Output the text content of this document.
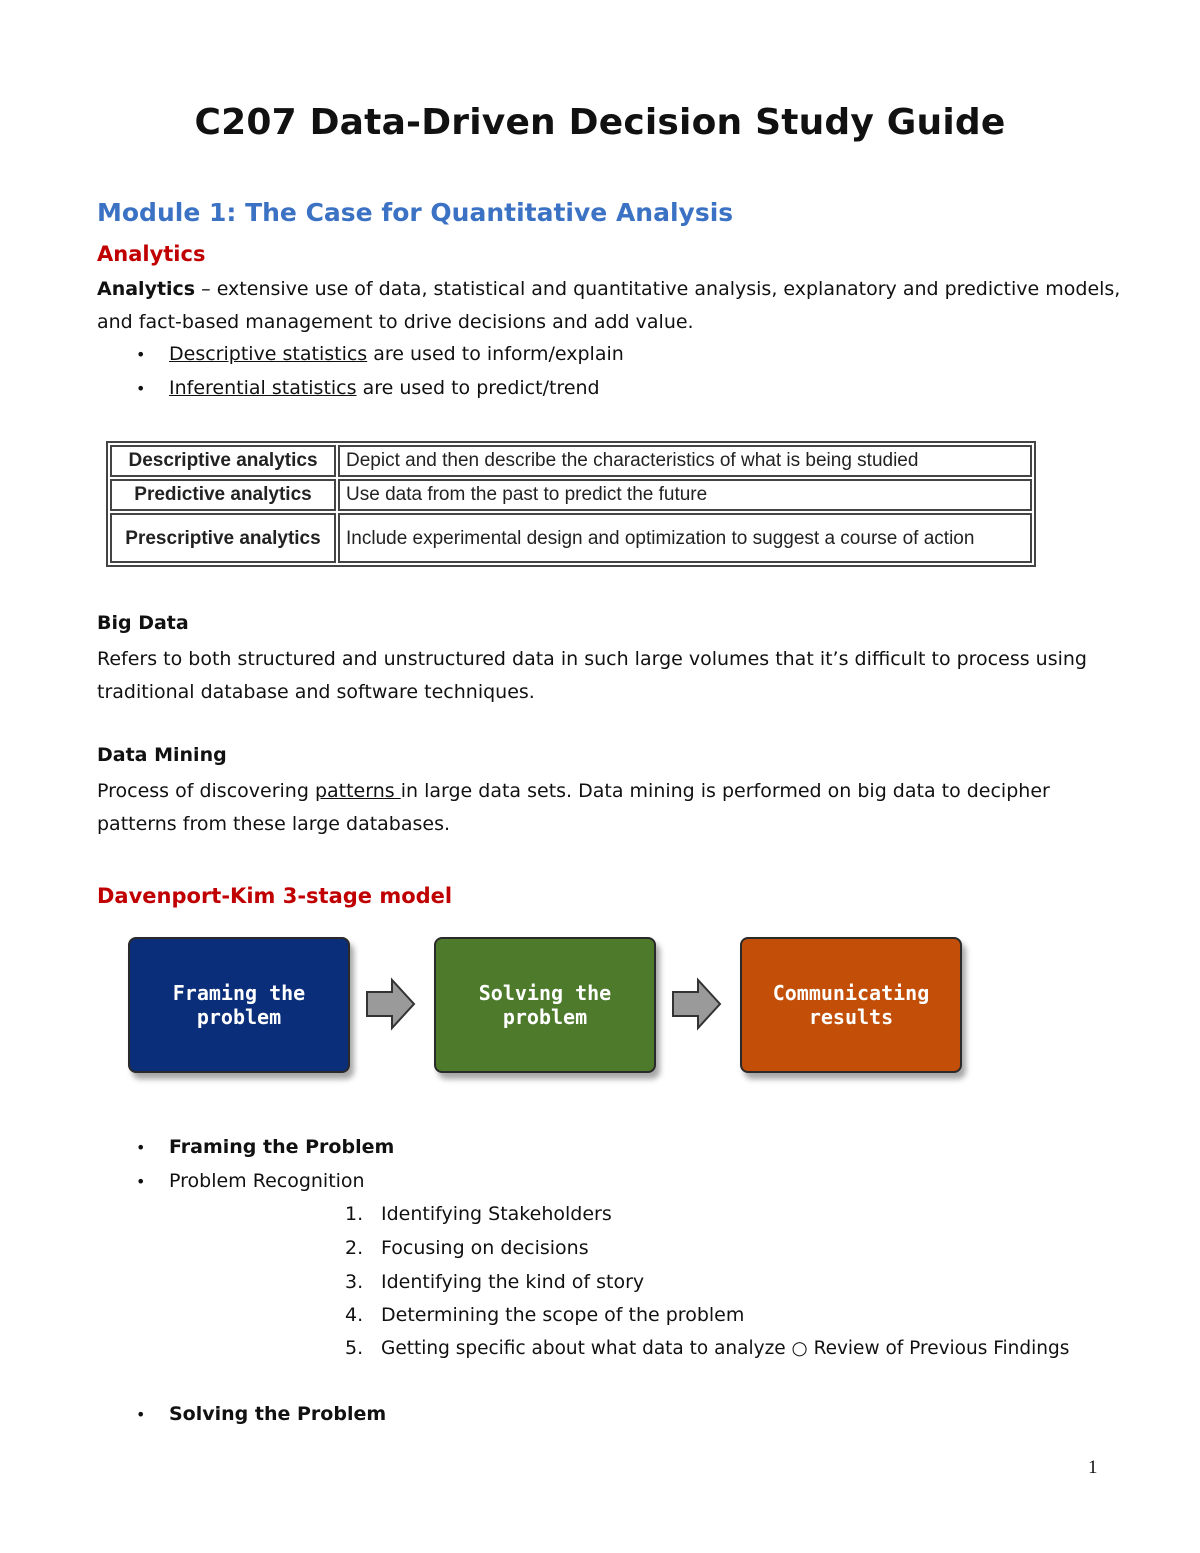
C207 Data-Driven Decision Study Guide
Module 1: The Case for Quantitative Analysis
Analytics
Analytics – extensive use of data, statistical and quantitative analysis, explanatory and predictive models,
and fact-based management to drive decisions and add value.
• Descriptive statistics are used to inform/explain
• Inferential statistics are used to predict/trend
Descriptive analytics	Depict and then describe the characteristics of what is being studied
Predictive analytics	Use data from the past to predict the future
Prescriptive analytics	Include experimental design and optimization to suggest a course of action
Big Data
Refers to both structured and unstructured data in such large volumes that it’s difficult to process using
traditional database and software techniques.
Data Mining
Process of discovering patterns in large data sets. Data mining is performed on big data to decipher
patterns from these large databases.
Davenport-Kim 3-stage model
Framing the problem
Solving the problem
Communicating results
• Framing the Problem
• Problem Recognition
1. Identifying Stakeholders
2. Focusing on decisions
3. Identifying the kind of story
4. Determining the scope of the problem
5. Getting specific about what data to analyze ○ Review of Previous Findings
• Solving the Problem
1
